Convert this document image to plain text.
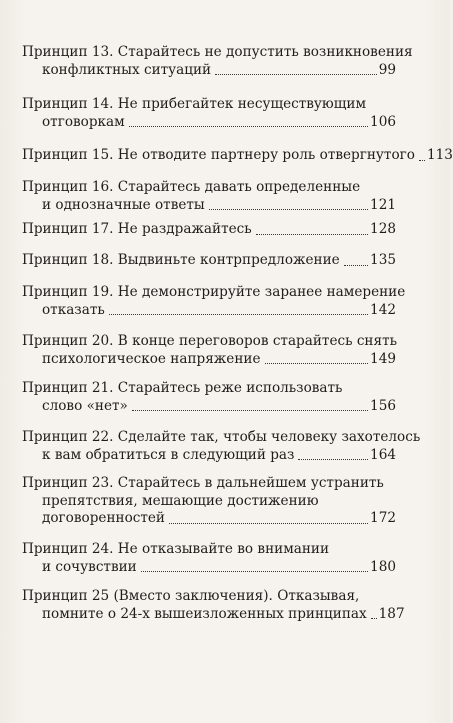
Принцип 13. Старайтесь не допустить возникновения
конфликтных ситуаций	99
Принцип 14. Не прибегайтек несуществующим
отговоркам	106
Принцип 15. Не отводите партнеру роль отвергнутого 113
Принцип 16. Старайтесь давать определенные
и однозначные ответы	121
Принцип 17. Не раздражайтесь	128
Принцип 18. Выдвиньте контрпредложение 135
Принцип 19. Не демонстрируйте заранее намерение
отказать	142
Принцип 20. В конце переговоров старайтесь снять
психологическое напряжение	149
Принцип 21. Старайтесь реже использовать
слово «нет»	156
Принцип 22. Сделайте так, чтобы человеку захотелось
к вам обратиться в следующий раз	164
Принцип 23. Старайтесь в дальнейшем устранить
препятствия, мешающие достижению
договоренностей	172
Принцип 24. Не отказывайте во внимании
и сочувствии	180
Принцип 25 (Вместо заключения). Отказывая,
помните о 24-х вышеизложенных принципах 187
